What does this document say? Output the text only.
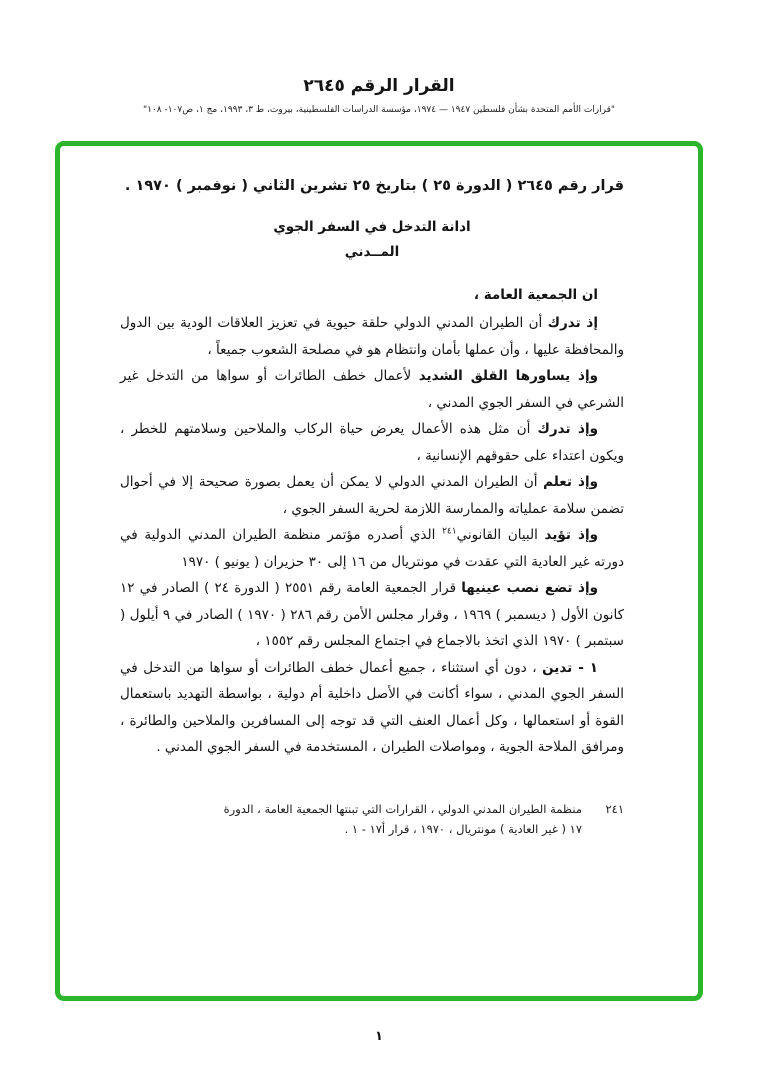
القرار الرقم ٢٦٤٥
"قرارات الأمم المتحدة بشأن فلسطين ١٩٤٧ — ١٩٧٤، مؤسسة الدراسات الفلسطينية، بيروت، ط ٣، ١٩٩٣، مج ١، ص١٠٧- ١٠٨"

قرار رقم ٢٦٤٥ ( الدورة ٢٥ ) بتاريخ ٢٥ تشرين الثاني ( نوفمبر ) ١٩٧٠ .

ادانة التدخل في السفر الجوي

المــدني

ان الجمعية العامة ،

إذ تدرك أن الطيران المدني الدولي حلقة حيوية في تعزيز العلاقات الودية بين الدول والمحافظة عليها ، وأن عملها بأمان وانتظام هو في مصلحة الشعوب جميعاً ،

وإذ يساورها القلق الشديد لأعمال خطف الطائرات أو سواها من التدخل غير الشرعي في السفر الجوي المدني ،

وإذ تدرك أن مثل هذه الأعمال يعرض حياة الركاب والملاحين وسلامتهم للخطر ، ويكون اعتداء على حقوقهم الإنسانية ،

وإذ تعلم أن الطيران المدني الدولي لا يمكن أن يعمل بصورة صحيحة إلا في أحوال تضمن سلامة عملياته والممارسة اللازمة لحرية السفر الجوي ،

وإذ تؤيد البيان القانوني$^{٢٤١}$ الذي أصدره مؤتمر منظمة الطيران المدني الدولية في دورته غير العادية التي عقدت في مونتريال من ١٦ إلى ٣٠ حزيران ( يونيو ) ١٩٧٠

وإذ تضع نصب عينيها قرار الجمعية العامة رقم ٢٥٥١ ( الدورة ٢٤ ) الصادر في ١٢ كانون الأول ( ديسمبر ) ١٩٦٩ ، وقرار مجلس الأمن رقم ٢٨٦ ( ١٩٧٠ ) الصادر في ٩ أيلول ( سبتمبر ) ١٩٧٠ الذي اتخذ بالاجماع في اجتماع المجلس رقم ١٥٥٢ ،

١ - تدين ، دون أي استثناء ، جميع أعمال خطف الطائرات أو سواها من التدخل في السفر الجوي المدني ، سواء أكانت في الأصل داخلية أم دولية ، بواسطة التهديد باستعمال القوة أو استعمالها ، وكل أعمال العنف التي قد توجه إلى المسافرين والملاحين والطائرة ، ومرافق الملاحة الجوية ، ومواصلات الطيران ، المستخدمة في السفر الجوي المدني .

٢٤١
منظمة الطيران المدني الدولي ، القرارات التي تبنتها الجمعية العامة ، الدورة
١٧ ( غير العادية ) مونتريال ، ١٩٧٠ ، قرار أ١٧ - ١ .
١
